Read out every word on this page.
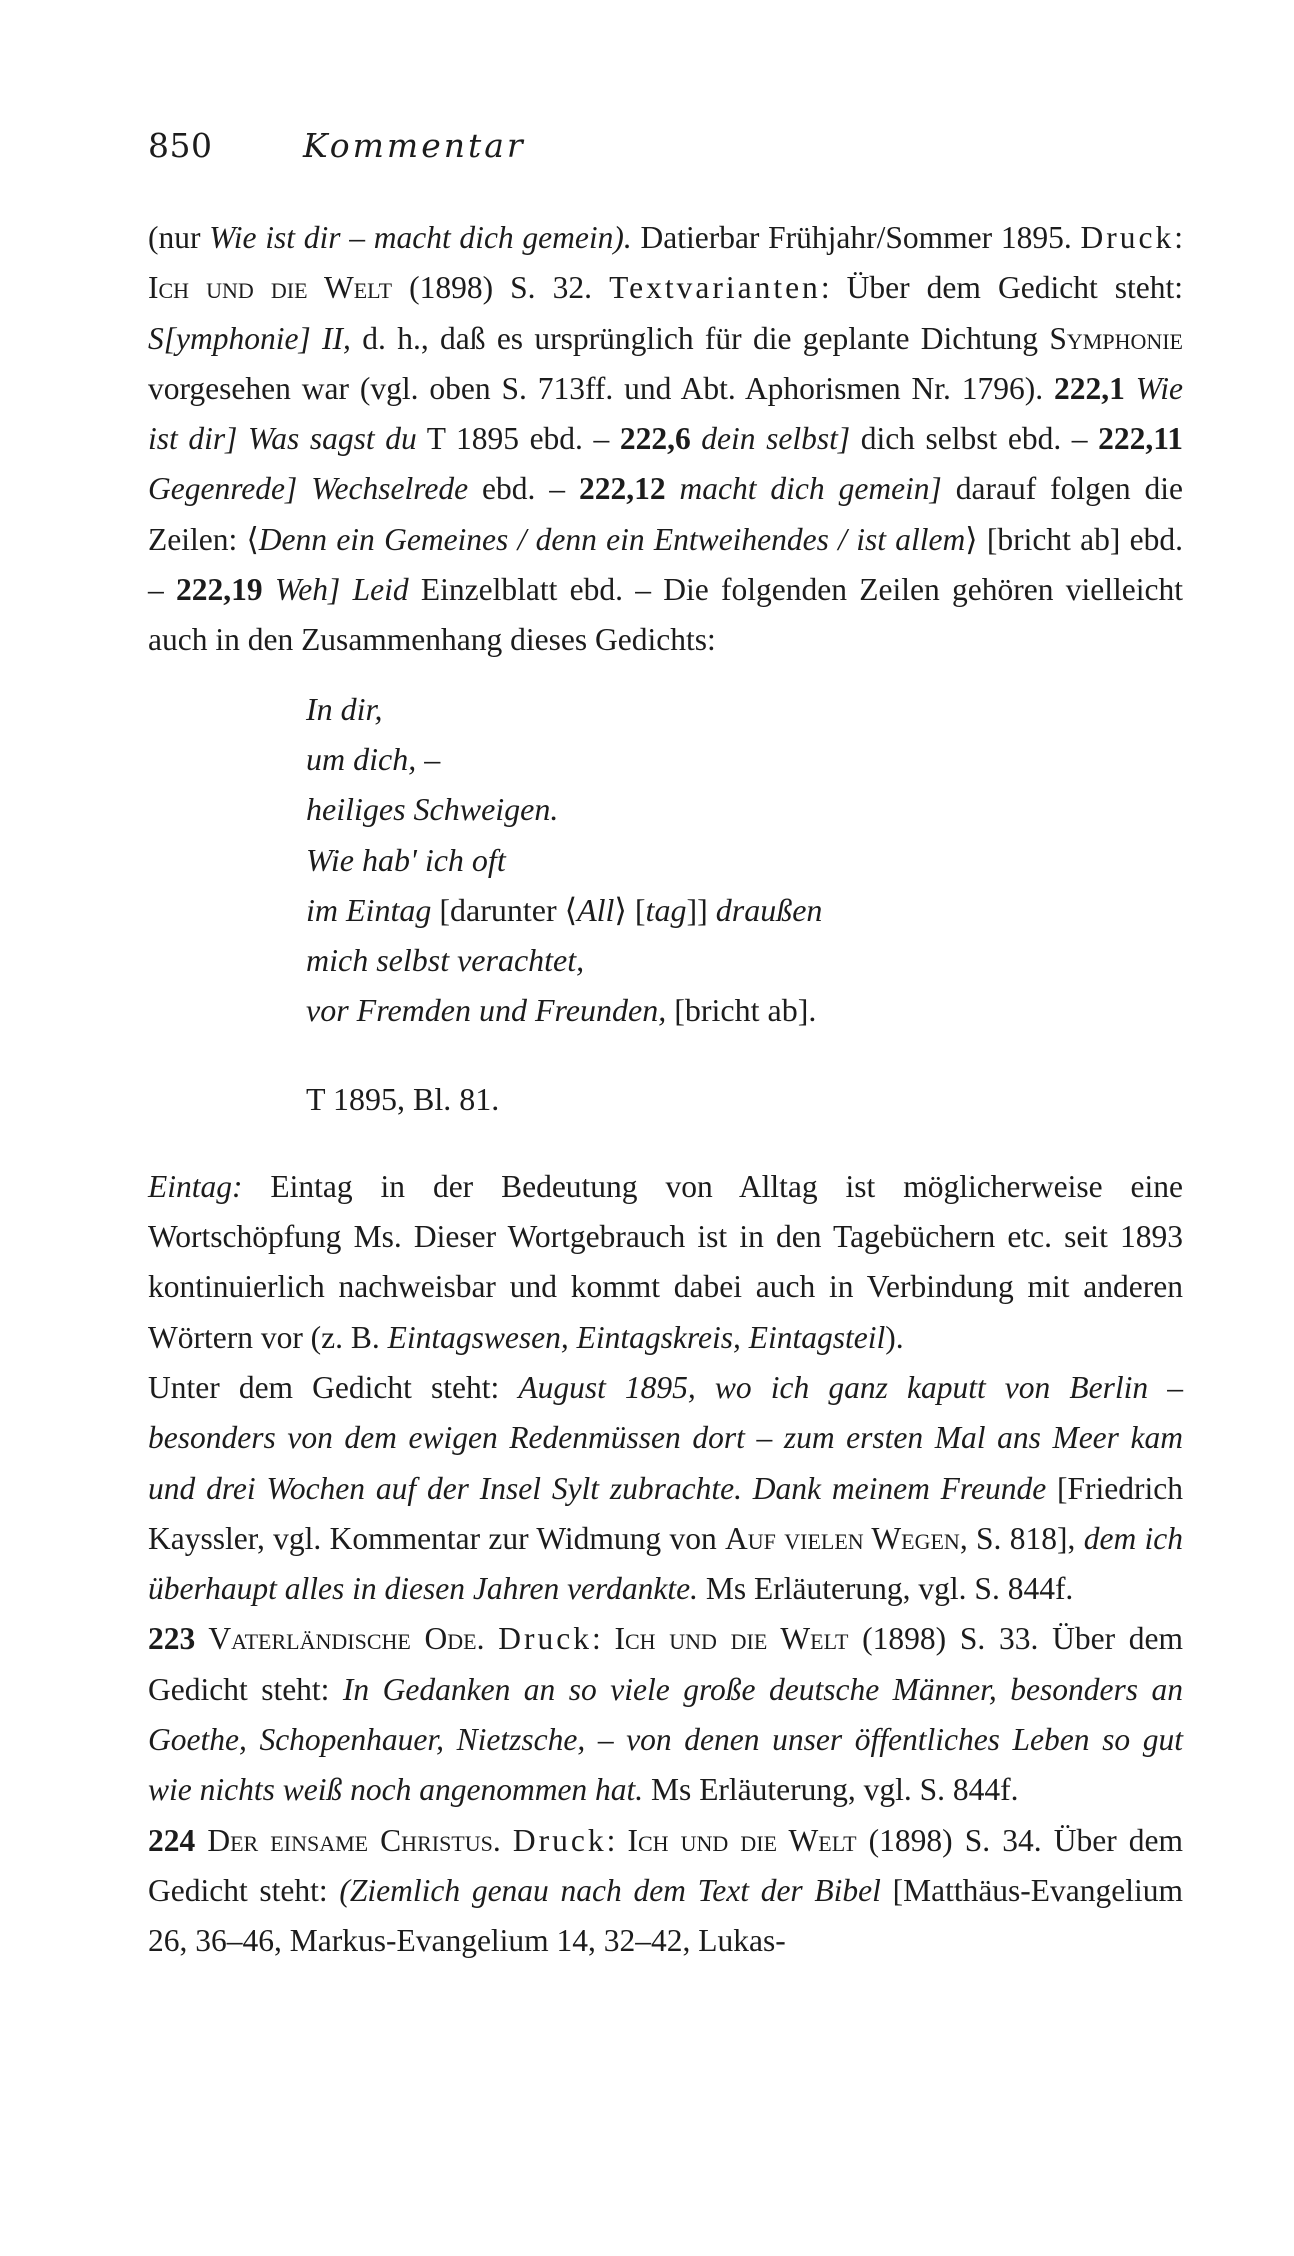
850	Kommentar

(nur Wie ist dir – macht dich gemein). Datierbar Frühjahr/Sommer 1895. Druck: Ich und die Welt (1898) S. 32. Textvarianten: Über dem Gedicht steht: S[ymphonie] II, d. h., daß es ursprünglich für die geplante Dichtung Symphonie vorgesehen war (vgl. oben S. 713ff. und Abt. Aphorismen Nr. 1796). 222,1 Wie ist dir] Was sagst du T 1895 ebd. – 222,6 dein selbst] dich selbst ebd. – 222,11 Gegenrede] Wechselrede ebd. – 222,12 macht dich gemein] darauf folgen die Zeilen: ⟨Denn ein Gemeines / denn ein Entweihendes / ist allem⟩ [bricht ab] ebd. – 222,19 Weh] Leid Einzelblatt ebd. – Die folgenden Zeilen gehören vielleicht auch in den Zusammenhang dieses Gedichts:

In dir,
um dich, –
heiliges Schweigen.
Wie hab' ich oft
im Eintag [darunter ⟨All⟩ [tag]] draußen
mich selbst verachtet,
vor Fremden und Freunden, [bricht ab].
T 1895, Bl. 81.

Eintag: Eintag in der Bedeutung von Alltag ist möglicherweise eine Wortschöpfung Ms. Dieser Wortgebrauch ist in den Tagebüchern etc. seit 1893 kontinuierlich nachweisbar und kommt dabei auch in Verbindung mit anderen Wörtern vor (z. B. Eintagswesen, Eintagskreis, Eintagsteil).

Unter dem Gedicht steht: August 1895, wo ich ganz kaputt von Berlin – besonders von dem ewigen Redenmüssen dort – zum ersten Mal ans Meer kam und drei Wochen auf der Insel Sylt zubrachte. Dank meinem Freunde [Friedrich Kayssler, vgl. Kommentar zur Widmung von Auf vielen Wegen, S. 818], dem ich überhaupt alles in diesen Jahren verdankte. Ms Erläuterung, vgl. S. 844f.

223 Vaterländische Ode. Druck: Ich und die Welt (1898) S. 33. Über dem Gedicht steht: In Gedanken an so viele große deutsche Männer, besonders an Goethe, Schopenhauer, Nietzsche, – von denen unser öffentliches Leben so gut wie nichts weiß noch angenommen hat. Ms Erläuterung, vgl. S. 844f.

224 Der einsame Christus. Druck: Ich und die Welt (1898) S. 34. Über dem Gedicht steht: (Ziemlich genau nach dem Text der Bibel [Matthäus-Evangelium 26, 36–46, Markus-Evangelium 14, 32–42, Lukas-
